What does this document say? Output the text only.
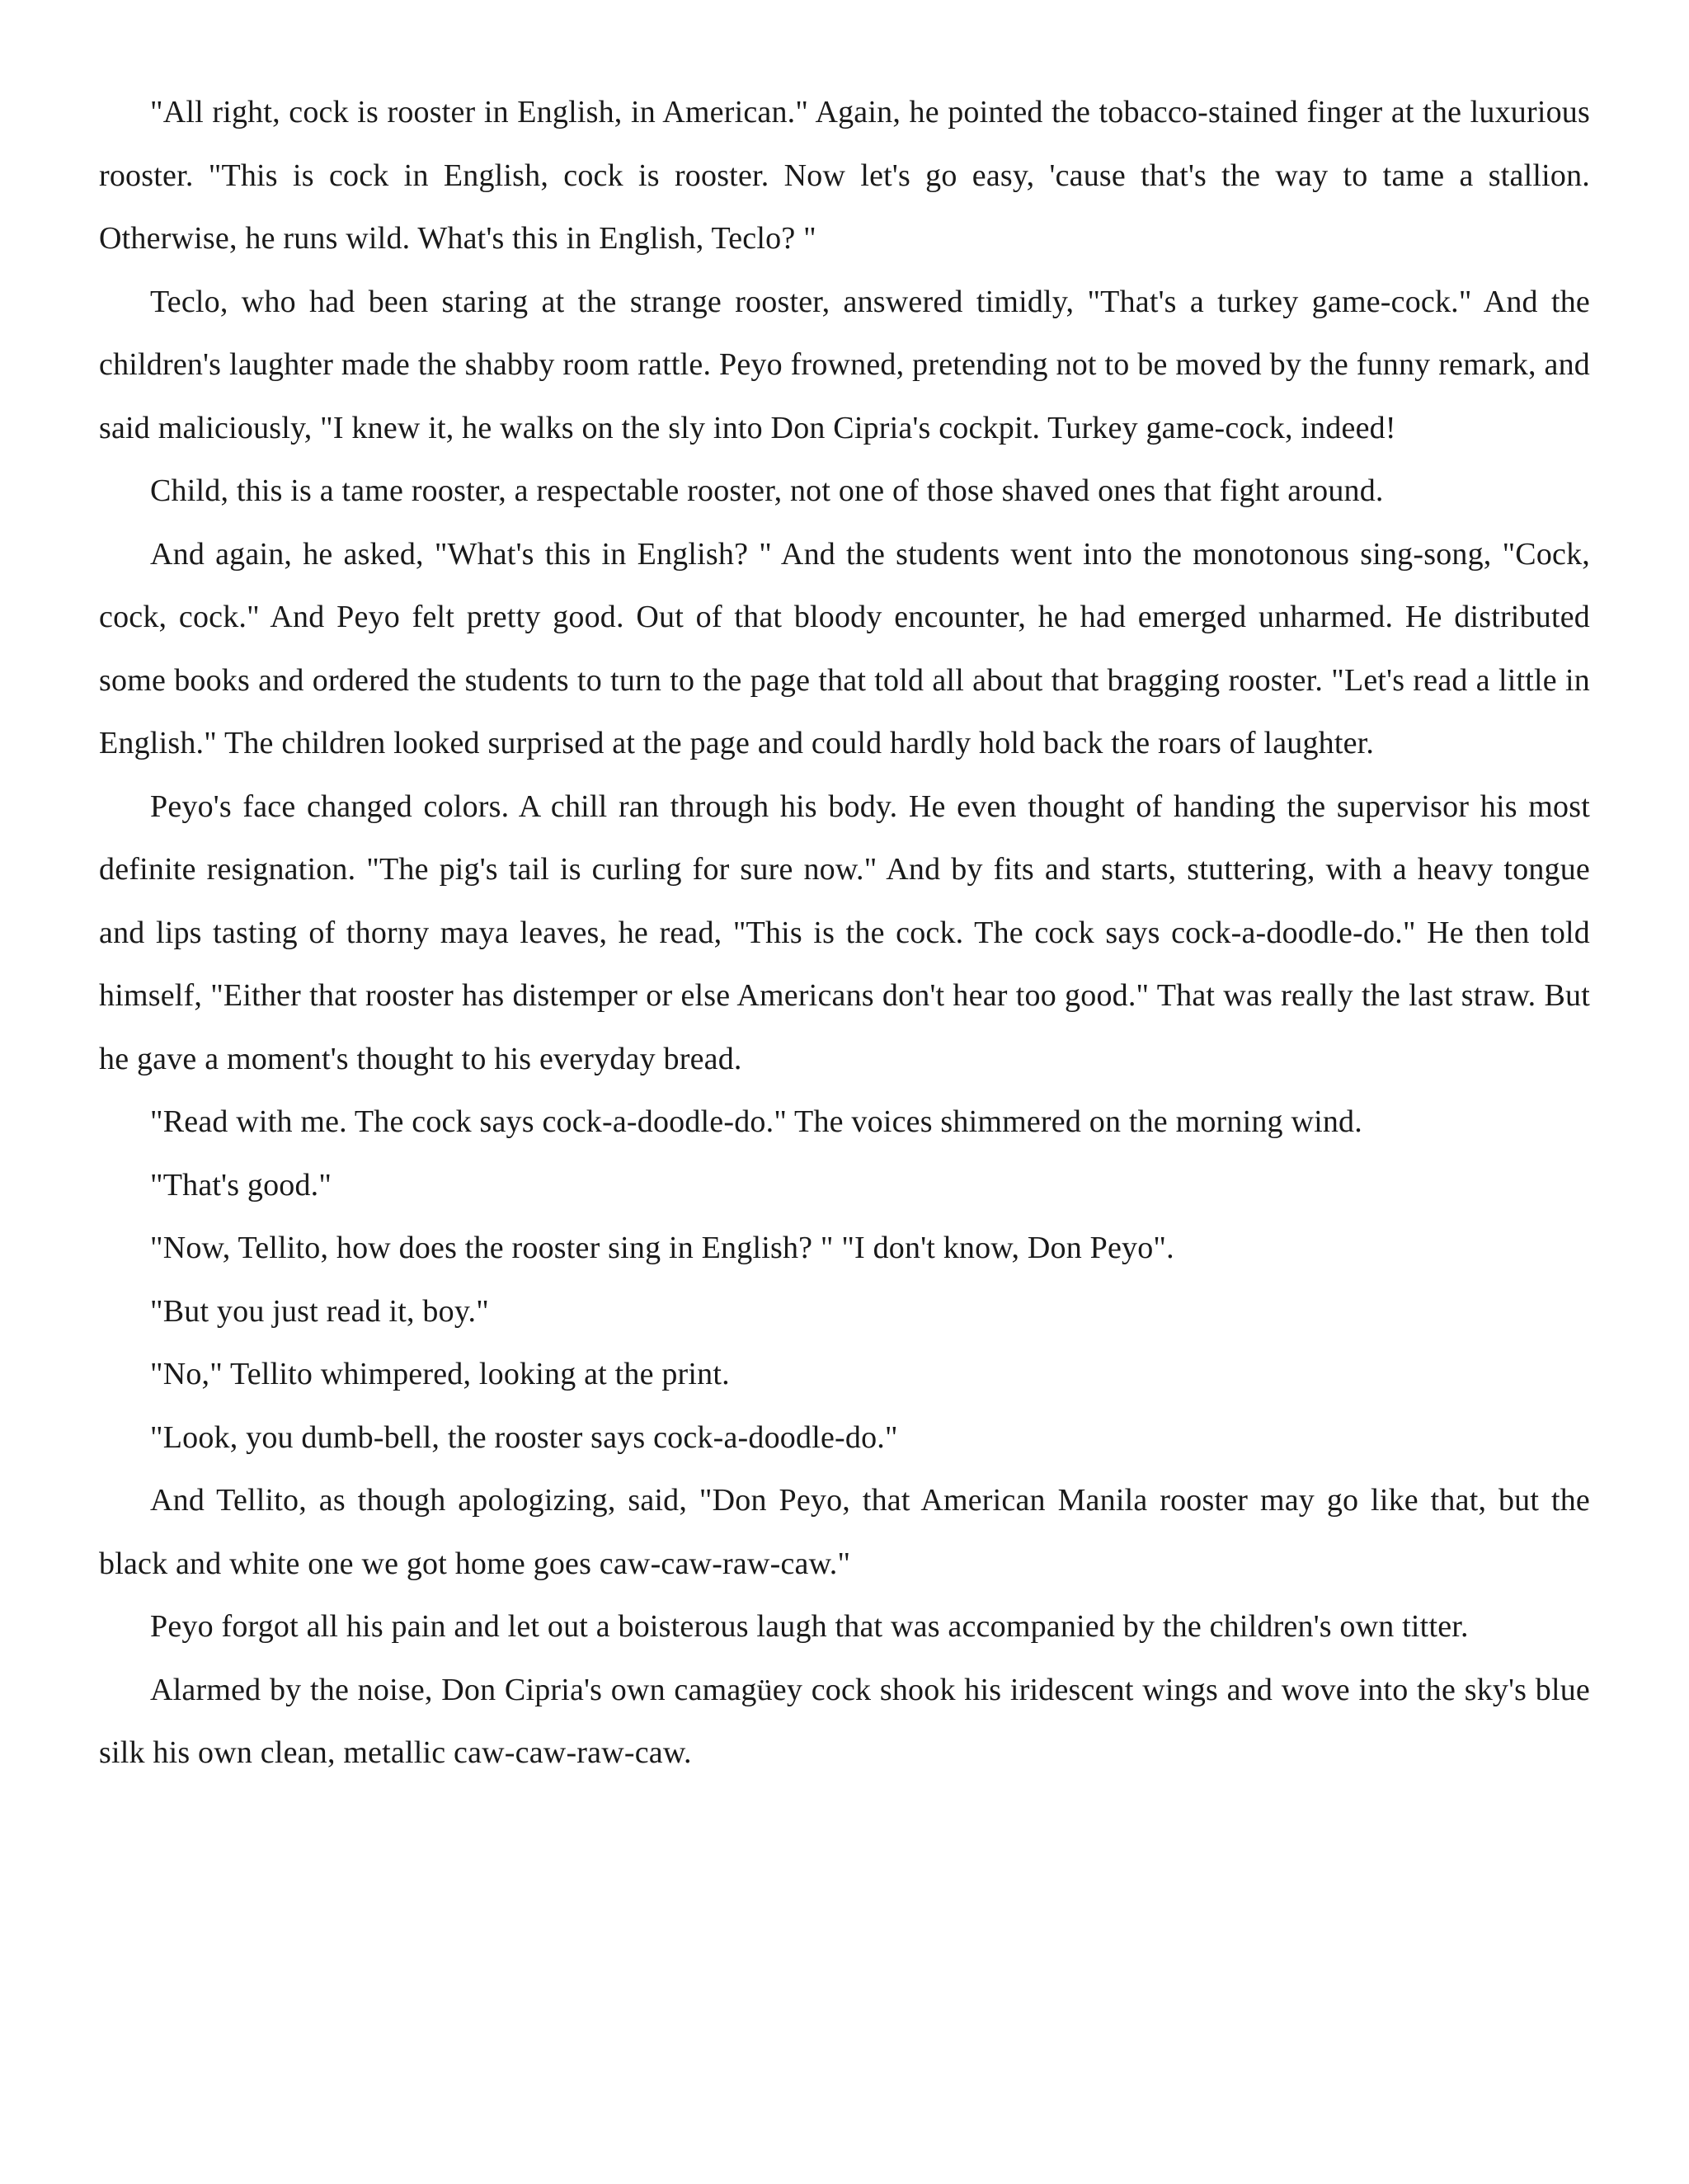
"All right, cock is rooster in English, in American." Again, he pointed the tobacco-stained finger at the luxurious rooster. "This is cock in English, cock is rooster. Now let's go easy, 'cause that's the way to tame a stallion. Otherwise, he runs wild. What's this in English, Teclo? "

Teclo, who had been staring at the strange rooster, answered timidly, "That's a turkey game-cock." And the children's laughter made the shabby room rattle. Peyo frowned, pretending not to be moved by the funny remark, and said maliciously, "I knew it, he walks on the sly into Don Cipria's cockpit. Turkey game-cock, indeed!

Child, this is a tame rooster, a respectable rooster, not one of those shaved ones that fight around.

And again, he asked, "What's this in English? " And the students went into the monotonous sing-song, "Cock, cock, cock." And Peyo felt pretty good. Out of that bloody encounter, he had emerged unharmed. He distributed some books and ordered the students to turn to the page that told all about that bragging rooster. "Let's read a little in English." The children looked surprised at the page and could hardly hold back the roars of laughter.

Peyo's face changed colors. A chill ran through his body. He even thought of handing the supervisor his most definite resignation. "The pig's tail is curling for sure now." And by fits and starts, stuttering, with a heavy tongue and lips tasting of thorny maya leaves, he read, "This is the cock. The cock says cock-a-doodle-do." He then told himself, "Either that rooster has distemper or else Americans don't hear too good." That was really the last straw. But he gave a moment's thought to his everyday bread.

"Read with me. The cock says cock-a-doodle-do." The voices shimmered on the morning wind.

"That's good."

"Now, Tellito, how does the rooster sing in English? " "I don't know, Don Peyo".

"But you just read it, boy."

"No," Tellito whimpered, looking at the print.

"Look, you dumb-bell, the rooster says cock-a-doodle-do."

And Tellito, as though apologizing, said, "Don Peyo, that American Manila rooster may go like that, but the black and white one we got home goes caw-caw-raw-caw."

Peyo forgot all his pain and let out a boisterous laugh that was accompanied by the children's own titter.

Alarmed by the noise, Don Cipria's own camagüey cock shook his iridescent wings and wove into the sky's blue silk his own clean, metallic caw-caw-raw-caw.
